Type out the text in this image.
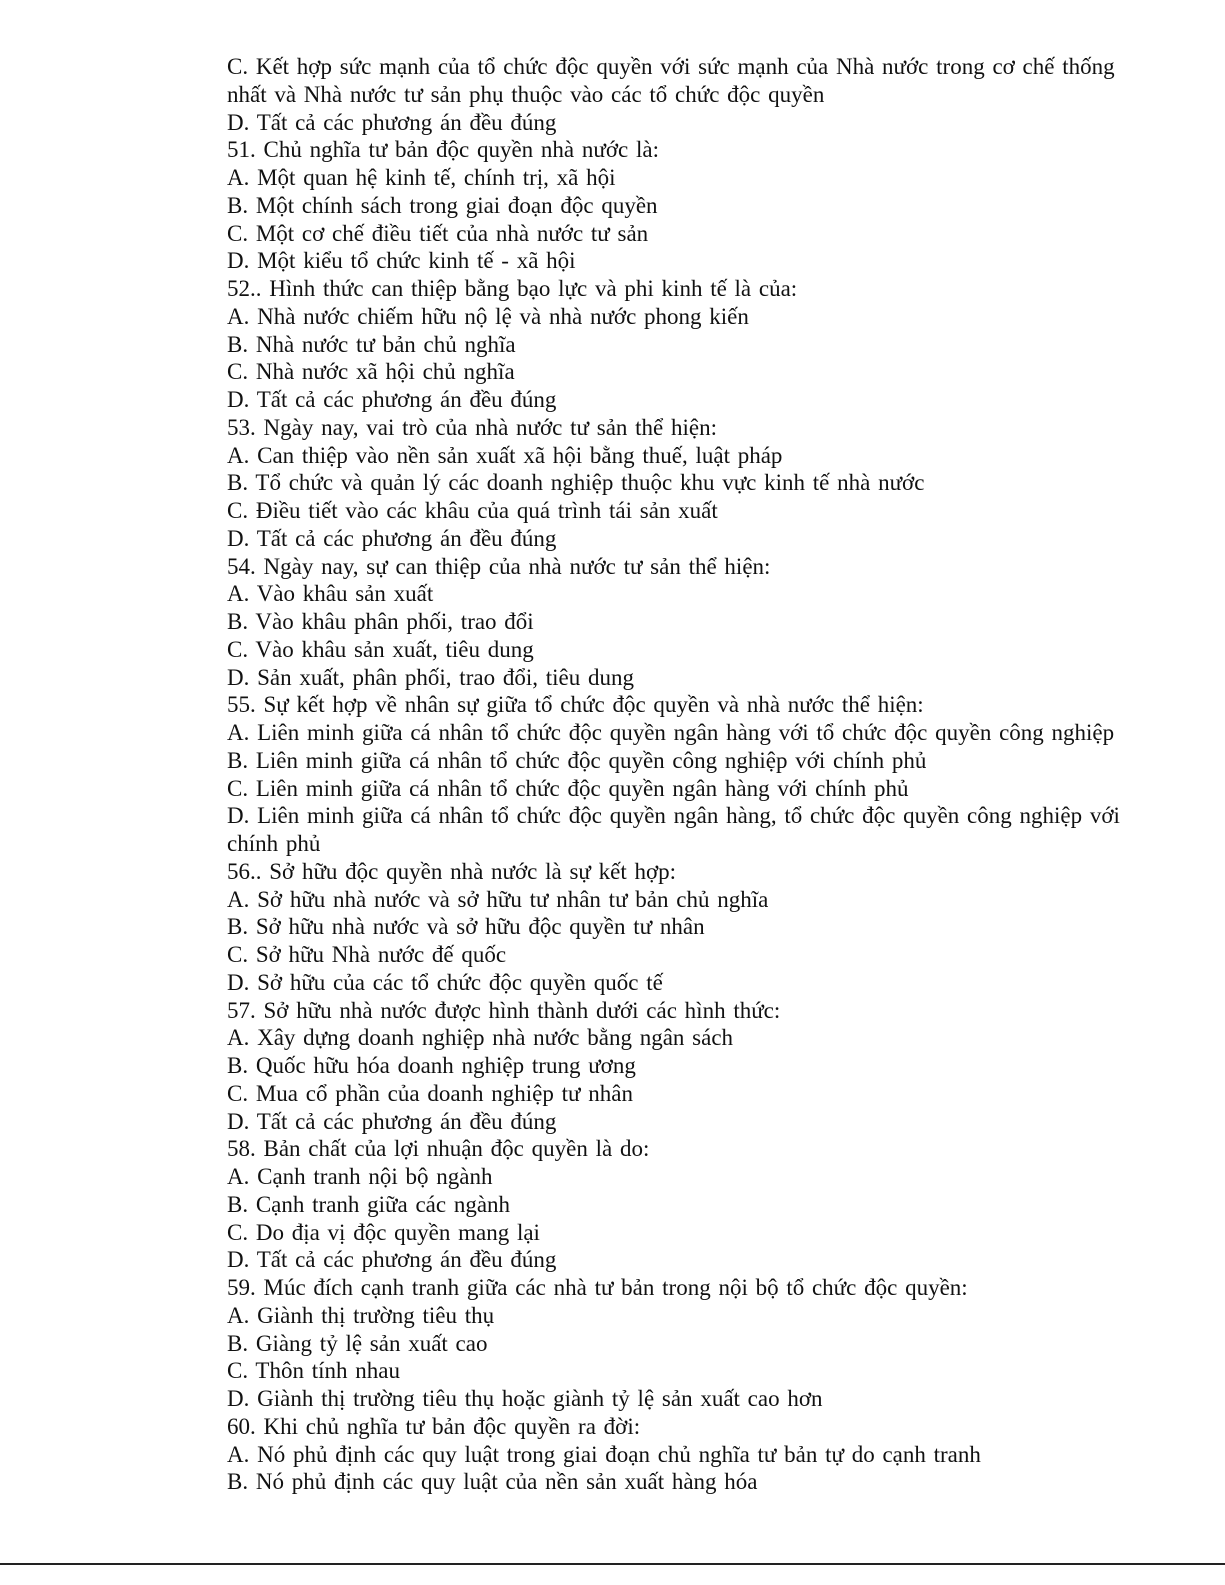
C. Kết hợp sức mạnh của tổ chức độc quyền với sức mạnh của Nhà nước trong cơ chế thống
nhất và Nhà nước tư sản phụ thuộc vào các tổ chức độc quyền
D. Tất cả các phương án đều đúng
51. Chủ nghĩa tư bản độc quyền nhà nước là:
A. Một quan hệ kinh tế, chính trị, xã hội
B. Một chính sách trong giai đoạn độc quyền
C. Một cơ chế điều tiết của nhà nước tư sản
D. Một kiểu tổ chức kinh tế - xã hội
52.. Hình thức can thiệp bằng bạo lực và phi kinh tế là của:
A. Nhà nước chiếm hữu nộ lệ và nhà nước phong kiến
B. Nhà nước tư bản chủ nghĩa
C. Nhà nước xã hội chủ nghĩa
D. Tất cả các phương án đều đúng
53. Ngày nay, vai trò của nhà nước tư sản thể hiện:
A. Can thiệp vào nền sản xuất xã hội bằng thuế, luật pháp
B. Tổ chức và quản lý các doanh nghiệp thuộc khu vực kinh tế nhà nước
C. Điều tiết vào các khâu của quá trình tái sản xuất
D. Tất cả các phương án đều đúng
54. Ngày nay, sự can thiệp của nhà nước tư sản thể hiện:
A. Vào khâu sản xuất
B. Vào khâu phân phối, trao đổi
C. Vào khâu sản xuất, tiêu dung
D. Sản xuất, phân phối, trao đổi, tiêu dung
55. Sự kết hợp về nhân sự giữa tổ chức độc quyền và nhà nước thể hiện:
A. Liên minh giữa cá nhân tổ chức độc quyền ngân hàng với tổ chức độc quyền công nghiệp
B. Liên minh giữa cá nhân tổ chức độc quyền công nghiệp với chính phủ
C. Liên minh giữa cá nhân tổ chức độc quyền ngân hàng với chính phủ
D. Liên minh giữa cá nhân tổ chức độc quyền ngân hàng, tổ chức độc quyền công nghiệp với
chính phủ
56.. Sở hữu độc quyền nhà nước là sự kết hợp:
A. Sở hữu nhà nước và sở hữu tư nhân tư bản chủ nghĩa
B. Sở hữu nhà nước và sở hữu độc quyền tư nhân
C. Sở hữu Nhà nước đế quốc
D. Sở hữu của các tổ chức độc quyền quốc tế
57. Sở hữu nhà nước được hình thành dưới các hình thức:
A. Xây dựng doanh nghiệp nhà nước bằng ngân sách
B. Quốc hữu hóa doanh nghiệp trung ương
C. Mua cổ phần của doanh nghiệp tư nhân
D. Tất cả các phương án đều đúng
58. Bản chất của lợi nhuận độc quyền là do:
A. Cạnh tranh nội bộ ngành
B. Cạnh tranh giữa các ngành
C. Do địa vị độc quyền mang lại
D. Tất cả các phương án đều đúng
59. Múc đích cạnh tranh giữa các nhà tư bản trong nội bộ tổ chức độc quyền:
A. Giành thị trường tiêu thụ
B. Giàng tỷ lệ sản xuất cao
C. Thôn tính nhau
D. Giành thị trường tiêu thụ hoặc giành tỷ lệ sản xuất cao hơn
60. Khi chủ nghĩa tư bản độc quyền ra đời:
A. Nó phủ định các quy luật trong giai đoạn chủ nghĩa tư bản tự do cạnh tranh
B. Nó phủ định các quy luật của nền sản xuất hàng hóa
